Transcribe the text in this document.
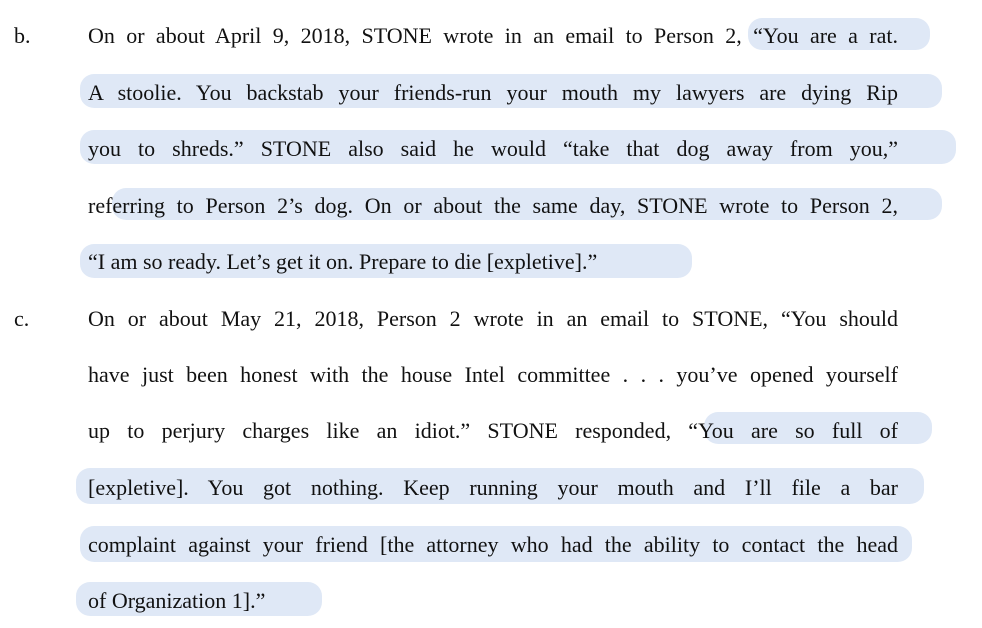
b.	On or about April 9, 2018, STONE wrote in an email to Person 2, “You are a rat.
A stoolie. You backstab your friends-run your mouth my lawyers are dying Rip
you to shreds.” STONE also said he would “take that dog away from you,”
referring to Person 2’s dog. On or about the same day, STONE wrote to Person 2,
“I am so ready. Let’s get it on. Prepare to die [expletive].”
c.	On or about May 21, 2018, Person 2 wrote in an email to STONE, “You should
have just been honest with the house Intel committee . . . you’ve opened yourself
up to perjury charges like an idiot.” STONE responded, “You are so full of
[expletive]. You got nothing. Keep running your mouth and I’ll file a bar
complaint against your friend [the attorney who had the ability to contact the head
of Organization 1].”
